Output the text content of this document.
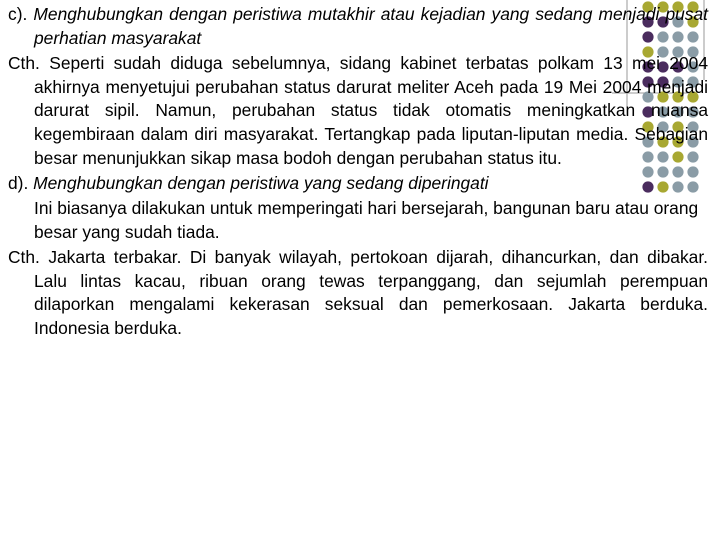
c). Menghubungkan dengan peristiwa mutakhir atau kejadian yang sedang menjadi pusat perhatian masyarakat

Cth. Seperti sudah diduga sebelumnya, sidang kabinet terbatas polkam 13 mei 2004 akhirnya menyetujui perubahan status darurat meliter Aceh pada 19 Mei 2004 menjadi darurat sipil. Namun, perubahan status tidak otomatis meningkatkan nuansa kegembiraan dalam diri masyarakat. Tertangkap pada liputan-liputan media. Sebagian besar menunjukkan sikap masa bodoh dengan perubahan status itu.

d). Menghubungkan dengan peristiwa yang sedang diperingati

Ini biasanya dilakukan untuk memperingati hari bersejarah, bangunan baru atau orang besar yang sudah tiada.

Cth. Jakarta terbakar. Di banyak wilayah, pertokoan dijarah, dihancurkan, dan dibakar. Lalu lintas kacau, ribuan orang tewas terpanggang, dan sejumlah perempuan dilaporkan mengalami kekerasan seksual dan pemerkosaan. Jakarta berduka. Indonesia berduka.
